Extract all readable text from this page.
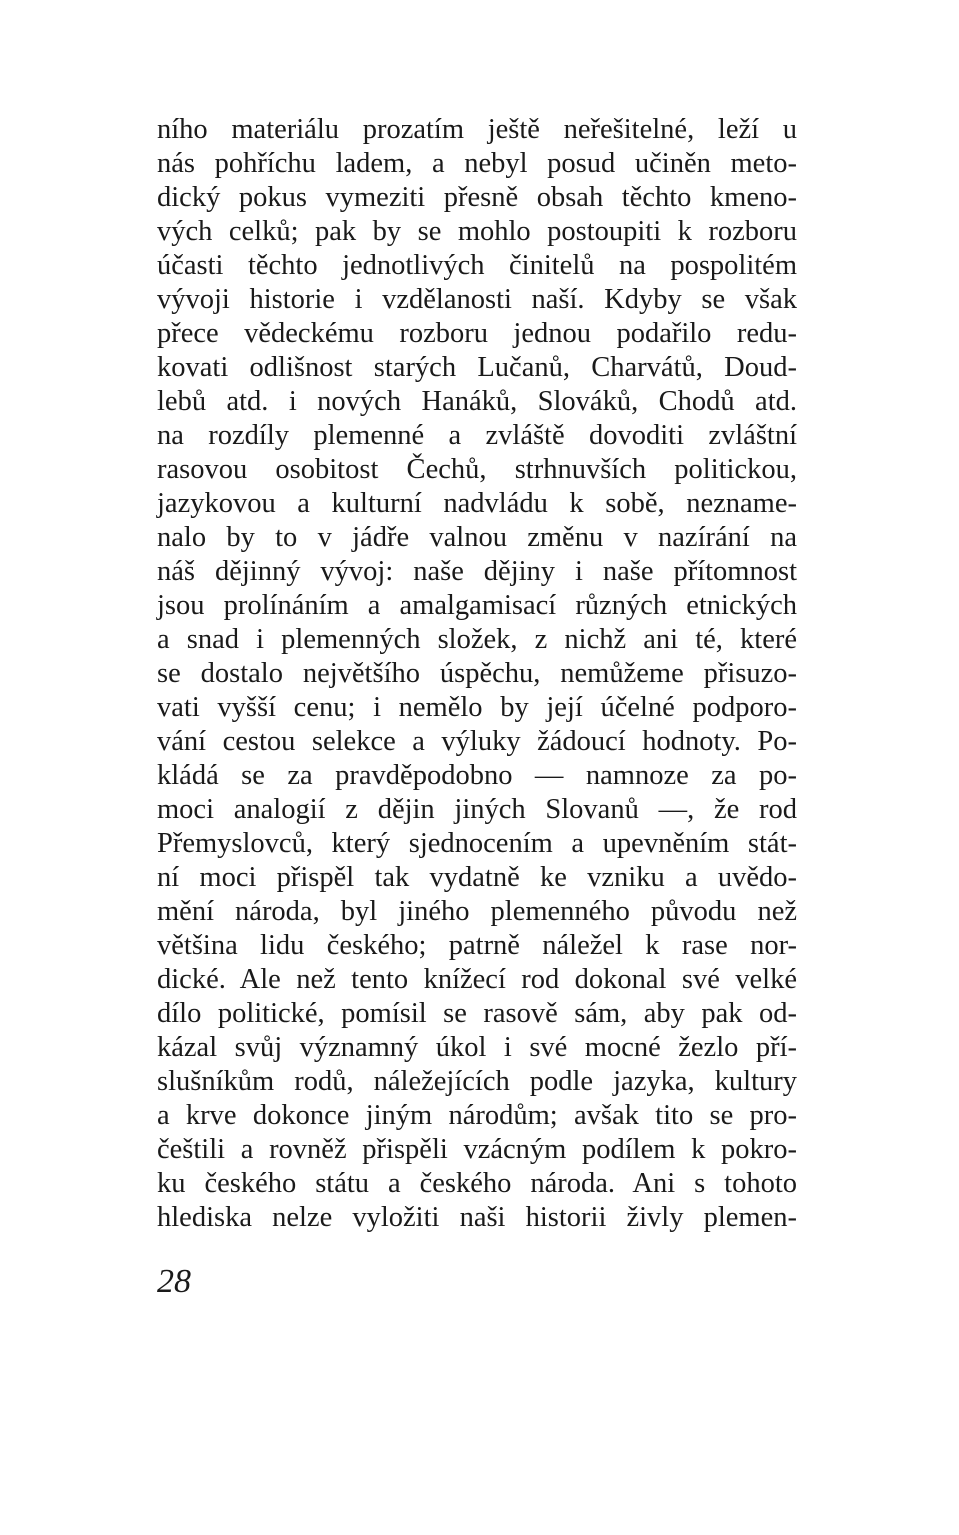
ního materiálu prozatím ještě neřešitelné, leží u
nás pohříchu ladem, a nebyl posud učiněn meto-
dický pokus vymeziti přesně obsah těchto kmeno-
vých celků; pak by se mohlo postoupiti k rozboru
účasti těchto jednotlivých činitelů na pospolitém
vývoji historie i vzdělanosti naší. Kdyby se však
přece vědeckému rozboru jednou podařilo redu-
kovati odlišnost starých Lučanů, Charvátů, Doud-
lebů atd. i nových Hanáků, Slováků, Chodů atd.
na rozdíly plemenné a zvláště dovoditi zvláštní
rasovou osobitost Čechů, strhnuvších politickou,
jazykovou a kulturní nadvládu k sobě, neznamе-
nalo by to v jádře valnou změnu v nazírání na
náš dějinný vývoj: naše dějiny i naše přítomnost
jsou prolínáním a amalgamisací různých etnických
a snad i plemenných složek, z nichž ani té, které
se dostalo největšího úspěchu, nemůžeme přisuzo-
vati vyšší cenu; i nemělo by její účelné podporo-
vání cestou selekce a výluky žádoucí hodnoty. Po-
kládá se za pravděpodobno — namnoze za po-
moci analogií z dějin jiných Slovanů —, že rod
Přemyslovců, který sjednocením a upevněním stát-
ní moci přispěl tak vydatně ke vzniku a uvědo-
mění národa, byl jiného plemenného původu než
většina lidu českého; patrně náležel k rase nor-
dické. Ale než tento knížecí rod dokonal své velké
dílo politické, pomísil se rasově sám, aby pak od-
kázal svůj významný úkol i své mocné žezlo pří-
slušníkům rodů, náležejících podle jazyka, kultury
a krve dokonce jiným národům; avšak tito se pro-
češtili a rovněž přispěli vzácným podílem k pokro-
ku českého státu a českého národa. Ani s tohoto
hlediska nelze vyložiti naši historii živly plemen-
28
